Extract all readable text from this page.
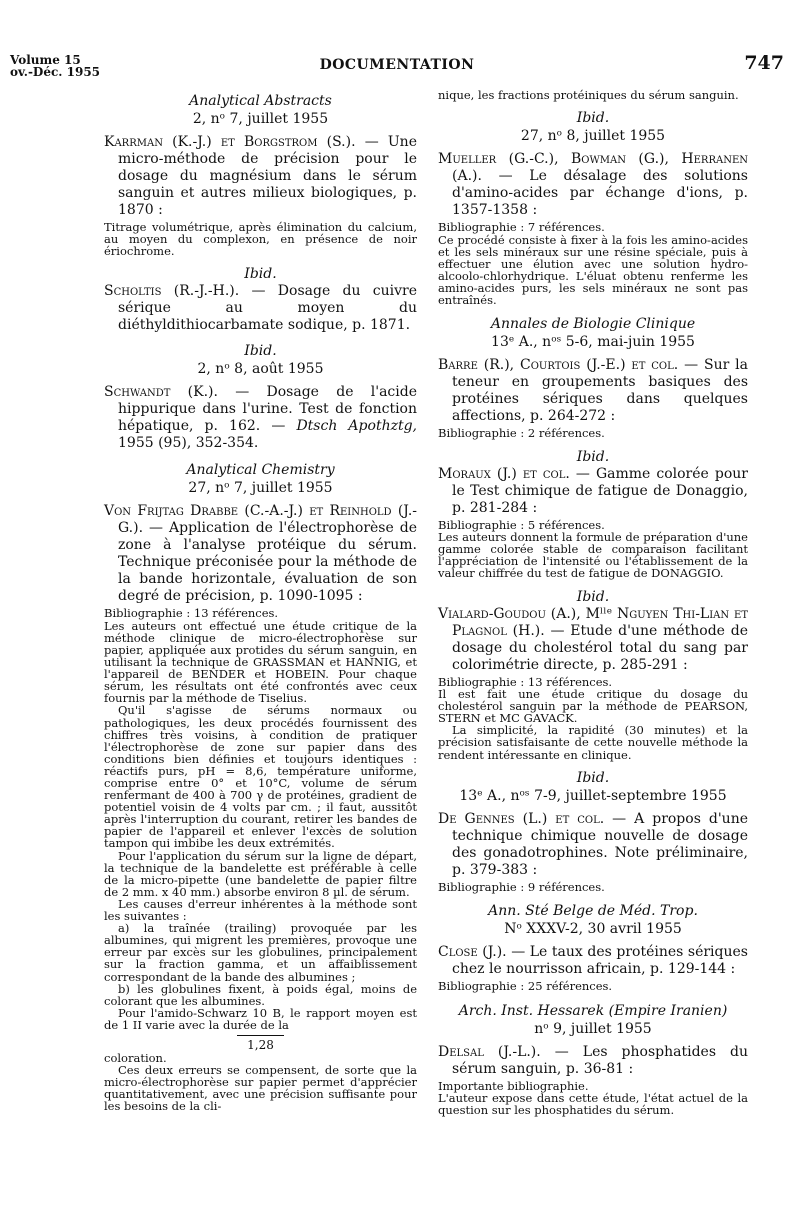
Volume 15
ov.-Déc. 1955	DOCUMENTATION	747
Analytical Abstracts
2, nᵒ 7, juillet 1955
Karrman (K.-J.) et Borgstrom (S.). — Une micro-méthode de précision pour le dosage du magnésium dans le sérum sanguin et autres milieux biologiques, p. 1870 :
Titrage volumétrique, après élimination du calcium, au moyen du complexon, en présence de noir ériochrome.
Ibid.
Scholtis (R.-J.-H.). — Dosage du cuivre sérique au moyen du diéthyldithiocarbamate sodique, p. 1871.
Ibid.
2, nᵒ 8, août 1955
Schwandt (K.). — Dosage de l'acide hippurique dans l'urine. Test de fonction hépatique, p. 162. — Dtsch Apothztg, 1955 (95), 352-354.
Analytical Chemistry
27, nᵒ 7, juillet 1955
Von Frijtag Drabbe (C.-A.-J.) et Reinhold (J.-G.). — Application de l'électrophorèse de zone à l'analyse protéique du sérum. Technique préconisée pour la méthode de la bande horizontale, évaluation de son degré de précision, p. 1090-1095 :
Bibliographie : 13 références.
Les auteurs ont effectué une étude critique de la méthode clinique de micro-électrophorèse sur papier, appliquée aux protides du sérum sanguin, en utilisant la technique de GRASSMAN et HANNIG, et l'appareil de BENDER et HOBEIN. Pour chaque sérum, les résultats ont été confrontés avec ceux fournis par la méthode de Tiselius.
Qu'il s'agisse de sérums normaux ou pathologiques, les deux procédés fournissent des chiffres très voisins, à condition de pratiquer l'électrophorèse de zone sur papier dans des conditions bien définies et toujours identiques : réactifs purs, pH = 8,6, température uniforme, comprise entre 0° et 10°C, volume de sérum renfermant de 400 à 700 γ de protéines, gradient de potentiel voisin de 4 volts par cm. ; il faut, aussitôt après l'interruption du courant, retirer les bandes de papier de l'appareil et enlever l'excès de solution tampon qui imbibe les deux extrémités.
Pour l'application du sérum sur la ligne de départ, la technique de la bandelette est préférable à celle de la micro-pipette (une bandelette de papier filtre de 2 mm. x 40 mm.) absorbe environ 8 µl. de sérum.
Les causes d'erreur inhérentes à la méthode sont les suivantes :
a) la traînée (trailing) provoquée par les albumines, qui migrent les premières, provoque une erreur par excès sur les globulines, principalement sur la fraction gamma, et un affaiblissement correspondant de la bande des albumines ;
b) les globulines fixent, à poids égal, moins de colorant que les albumines.
Pour l'amido-Schwarz 10 B, le rapport moyen est de 1 II varie avec la durée de la
1,28
coloration.
Ces deux erreurs se compensent, de sorte que la micro-électrophorèse sur papier permet d'apprécier quantitativement, avec une précision suffisante pour les besoins de la cli-
nique, les fractions protéiniques du sérum sanguin.
Ibid.
27, nᵒ 8, juillet 1955
Mueller (G.-C.), Bowman (G.), Herranen (A.). — Le désalage des solutions d'amino-acides par échange d'ions, p. 1357-1358 :
Bibliographie : 7 références.
Ce procédé consiste à fixer à la fois les amino-acides et les sels minéraux sur une résine spéciale, puis à effectuer une élution avec une solution hydro-alcoolo-chlorhydrique. L'éluat obtenu renferme les amino-acides purs, les sels minéraux ne sont pas entraînés.
Annales de Biologie Clinique
13ᵉ A., nᵒˢ 5-6, mai-juin 1955
Barre (R.), Courtois (J.-E.) et col. — Sur la teneur en groupements basiques des protéines sériques dans quelques affections, p. 264-272 :
Bibliographie : 2 références.
Ibid.
Moraux (J.) et col. — Gamme colorée pour le Test chimique de fatigue de Donaggio, p. 281-284 :
Bibliographie : 5 références.
Les auteurs donnent la formule de préparation d'une gamme colorée stable de comparaison facilitant l'appréciation de l'intensité ou l'établissement de la valeur chiffrée du test de fatigue de DONAGGIO.
Ibid.
Vialard-Goudou (A.), Mˡˡᵉ Nguyen Thi-Lian et Plagnol (H.). — Etude d'une méthode de dosage du cholestérol total du sang par colorimétrie directe, p. 285-291 :
Bibliographie : 13 références.
Il est fait une étude critique du dosage du cholestérol sanguin par la méthode de PEARSON, STERN et MC GAVACK.
La simplicité, la rapidité (30 minutes) et la précision satisfaisante de cette nouvelle méthode la rendent intéressante en clinique.
Ibid.
13ᵉ A., nᵒˢ 7-9, juillet-septembre 1955
De Gennes (L.) et col. — A propos d'une technique chimique nouvelle de dosage des gonadotrophines. Note préliminaire, p. 379-383 :
Bibliographie : 9 références.
Ann. Sté Belge de Méd. Trop.
Nᵒ XXXV-2, 30 avril 1955
Close (J.). — Le taux des protéines sériques chez le nourrisson africain, p. 129-144 :
Bibliographie : 25 références.
Arch. Inst. Hessarek (Empire Iranien)
nᵒ 9, juillet 1955
Delsal (J.-L.). — Les phosphatides du sérum sanguin, p. 36-81 :
Importante bibliographie.
L'auteur expose dans cette étude, l'état actuel de la question sur les phosphatides du sérum.
